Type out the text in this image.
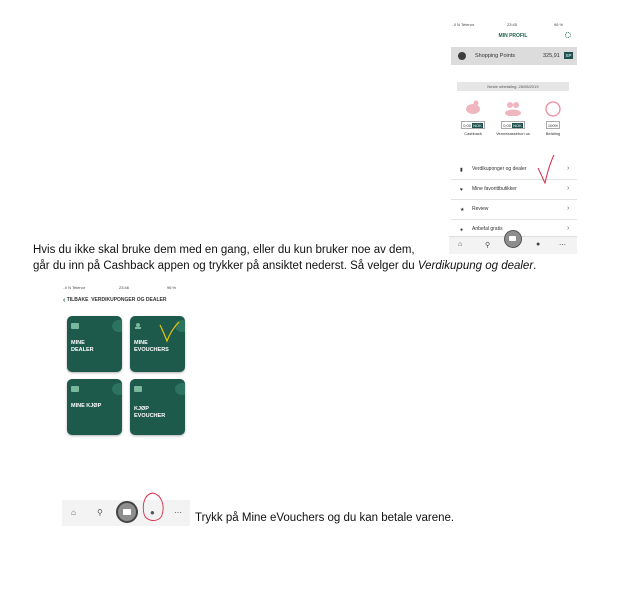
..ll N Telenor	23:45	96 %
MIN PROFIL
Shopping Points	325,91	SP
Neste utbetaling: 26/06/2019
0,00 NOK
Cashback
0,00 NOK
Vennekassebon us
100%
Betaling
▮ Verdikuponger og dealer	›
♥ Mine favorittbutikker	›
★ Review	›
● Anbefal gratis	›
⌂	⚲	●	⋯
Hvis du ikke skal bruke dem med en gang, eller du kun bruker noe av dem,
går du inn på Cashback appen og trykker på ansiktet nederst. Så velger du Verdikupung og dealer.
..ll N Telenor	23:46	96 %
‹ TILBAKE VERDIKUPONGER OG DEALER
MINE
DEALER
MINE
EVOUCHERS
MINE KJØP	KJØP
EVOUCHER
⌂	⚲	● ⋯ Trykk på Mine eVouchers og du kan betale varene.
